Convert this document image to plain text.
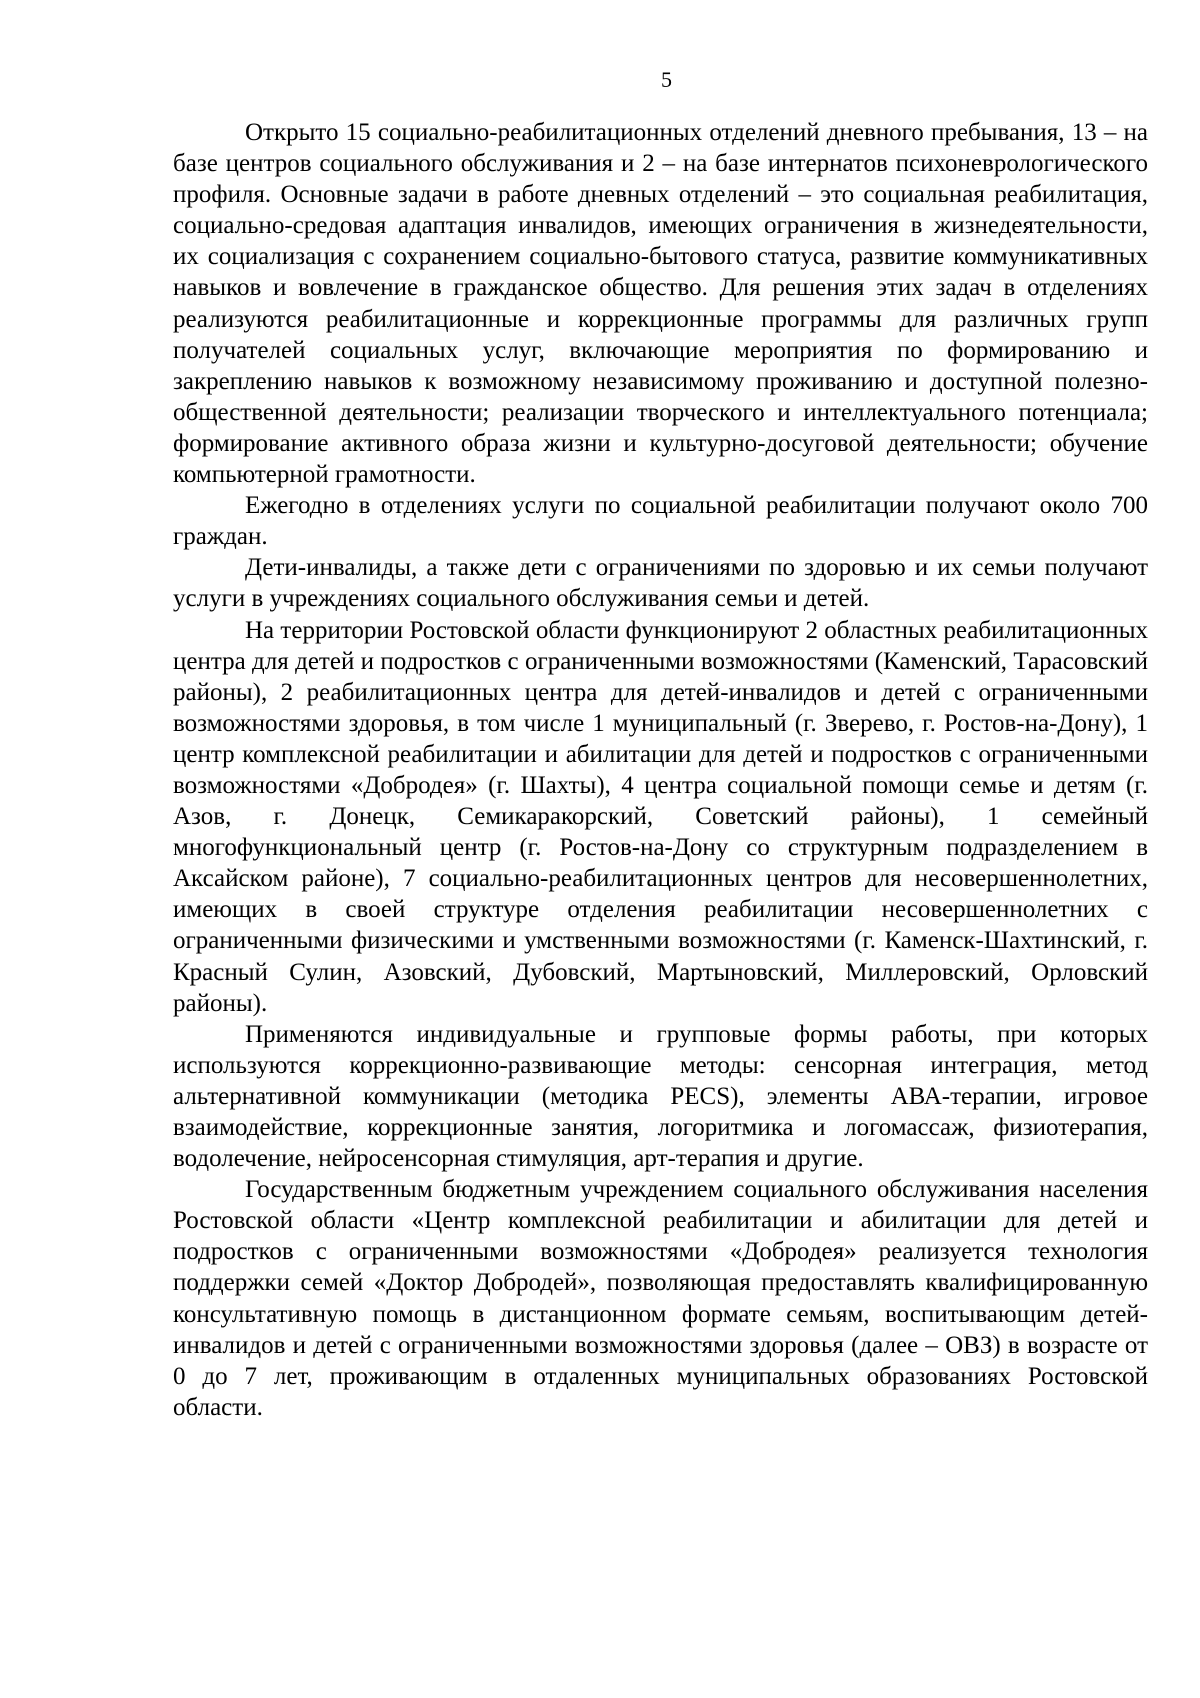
5

Открыто 15 социально-реабилитационных отделений дневного пребывания, 13 – на базе центров социального обслуживания и 2 – на базе интернатов психоневрологического профиля. Основные задачи в работе дневных отделений – это социальная реабилитация, социально-средовая адаптация инвалидов, имеющих ограничения в жизнедеятельности, их социализация с сохранением социально-бытового статуса, развитие коммуникативных навыков и вовлечение в гражданское общество. Для решения этих задач в отделениях реализуются реабилитационные и коррекционные программы для различных групп получателей социальных услуг, включающие мероприятия по формированию и закреплению навыков к возможному независимому проживанию и доступной полезно-общественной деятельности; реализации творческого и интеллектуального потенциала; формирование активного образа жизни и культурно-досуговой деятельности; обучение компьютерной грамотности.

Ежегодно в отделениях услуги по социальной реабилитации получают около 700 граждан.

Дети-инвалиды, а также дети с ограничениями по здоровью и их семьи получают услуги в учреждениях социального обслуживания семьи и детей.

На территории Ростовской области функционируют 2 областных реабилитационных центра для детей и подростков с ограниченными возможностями (Каменский, Тарасовский районы), 2 реабилитационных центра для детей-инвалидов и детей с ограниченными возможностями здоровья, в том числе 1 муниципальный (г. Зверево, г. Ростов-на-Дону), 1 центр комплексной реабилитации и абилитации для детей и подростков с ограниченными возможностями «Добродея» (г. Шахты), 4 центра социальной помощи семье и детям (г. Азов, г. Донецк, Семикаракорский, Советский районы), 1 семейный многофункциональный центр (г. Ростов-на-Дону со структурным подразделением в Аксайском районе), 7 социально-реабилитационных центров для несовершеннолетних, имеющих в своей структуре отделения реабилитации несовершеннолетних с ограниченными физическими и умственными возможностями (г. Каменск-Шахтинский, г. Красный Сулин, Азовский, Дубовский, Мартыновский, Миллеровский, Орловский районы).

Применяются индивидуальные и групповые формы работы, при которых используются коррекционно-развивающие методы: сенсорная интеграция, метод альтернативной коммуникации (методика PECS), элементы АВА-терапии, игровое взаимодействие, коррекционные занятия, логоритмика и логомассаж, физиотерапия, водолечение, нейросенсорная стимуляция, арт-терапия и другие.

Государственным бюджетным учреждением социального обслуживания населения Ростовской области «Центр комплексной реабилитации и абилитации для детей и подростков с ограниченными возможностями «Добродея» реализуется технология поддержки семей «Доктор Добродей», позволяющая предоставлять квалифицированную консультативную помощь в дистанционном формате семьям, воспитывающим детей-инвалидов и детей с ограниченными возможностями здоровья (далее – ОВЗ) в возрасте от 0 до 7 лет, проживающим в отдаленных муниципальных образованиях Ростовской области.
